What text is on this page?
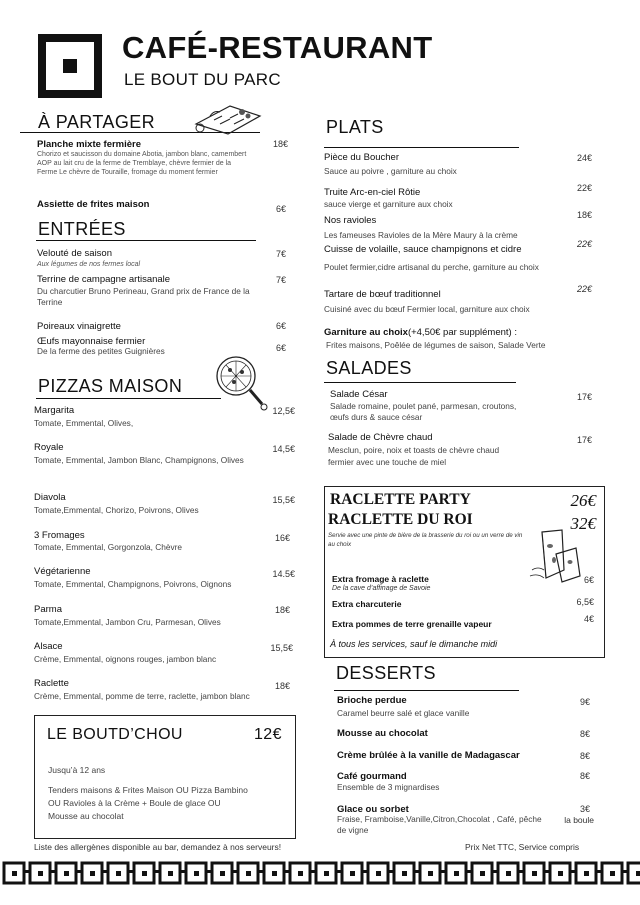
CAFÉ-RESTAURANT
LE BOUT DU PARC
À PARTAGER
Planche mixte fermière
Chorizo et saucisson du domaine Abotia, jambon blanc, camembert AOP au lait cru de la ferme de Tremblaye, chèvre fermier de la Ferme Le chèvre de Touraille, fromage du moment fermier
18€
Assiette de frites maison	6€
ENTRÉES
Velouté de saison
Aux légumes de nos fermes local
7€
Terrine de campagne artisanale
Du charcutier Bruno Perineau, Grand prix de France de la Terrine
7€
Poireaux vinaigrette	6€
Œufs mayonnaise fermier
De la ferme des petites Guignières	6€
PIZZAS MAISON
Margarita
Tomate, Emmental, Olives,
12,5€
Royale
Tomate, Emmental, Jambon Blanc, Champignons, Olives
14,5€
Diavola
Tomate,Emmental, Chorizo, Poivrons, Olives
15,5€
3 Fromages
Tomate, Emmental, Gorgonzola, Chèvre
16€
Végétarienne
Tomate, Emmental, Champignons, Poivrons, Oignons
14.5€
Parma
Tomate,Emmental, Jambon Cru, Parmesan, Olives
18€
Alsace
Crème, Emmental, oignons rouges, jambon blanc
15,5€
Raclette
Crème, Emmental, pomme de terre, raclette, jambon blanc
18€
LE BOUTD’CHOU	12€
Jusqu’à 12 ans
Tenders maisons & Frites Maison OU Pizza Bambino OU Ravioles à la Crème + Boule de glace OU Mousse au chocolat
PLATS
Pièce du Boucher
Sauce au poivre , garniture au choix
24€
Truite Arc-en-ciel Rôtie
sauce vierge et garniture aux choix
22€
Nos ravioles
Les fameuses Ravioles de la Mère Maury à la crème
18€
Cuisse de volaille, sauce champignons et cidre
Poulet fermier,cidre artisanal du perche, garniture au choix
22€
Tartare de bœuf traditionnel
Cuisiné avec du bœuf Fermier local, garniture aux choix
22€
Garniture au choix(+4,50€ par supplément) :
Frites maisons, Poêlée de légumes de saison, Salade Verte
SALADES
Salade César
Salade romaine, poulet pané, parmesan, croutons, œufs durs & sauce césar
17€
Salade de Chèvre chaud
Mesclun, poire, noix et toasts de chèvre chaud fermier avec une touche de miel
17€
RACLETTE PARTY	26€
RACLETTE DU ROI	32€
Servie avec une pinte de bière de la brasserie du roi ou un verre de vin au choix
Extra fromage à raclette
De la cave d’affinage de Savoie
6€
Extra charcuterie	6,5€
Extra pommes de terre grenaille vapeur	4€
À tous les services, sauf le dimanche midi
DESSERTS
Brioche perdue
Caramel beurre salé et glace vanille
9€
Mousse au chocolat	8€
Crème brûlée à la vanille de Madagascar	8€
Café gourmand
Ensemble de 3 mignardises
8€
Glace ou sorbet
Fraise, Framboise,Vanille,Citron,Chocolat , Café, pêche de vigne
3€
la boule
Liste des allergènes disponible au bar, demandez à nos serveurs!	Prix Net TTC, Service compris
